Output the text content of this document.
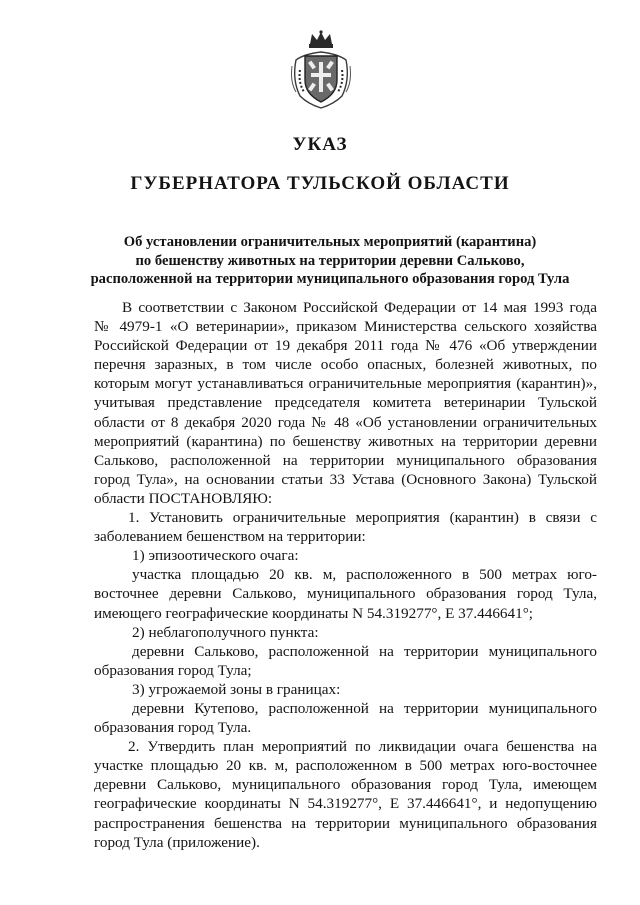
УКАЗ
ГУБЕРНАТОРА ТУЛЬСКОЙ ОБЛАСТИ
Об установлении ограничительных мероприятий (карантина)
по бешенству животных на территории деревни Сальково,
расположенной на территории муниципального образования город Тула
В соответствии с Законом Российской Федерации от 14 мая 1993 года
№ 4979-1 «О ветеринарии», приказом Министерства сельского хозяйства
Российской Федерации от 19 декабря 2011 года № 476 «Об утверждении
перечня заразных, в том числе особо опасных, болезней животных, по
которым могут устанавливаться ограничительные мероприятия (карантин)»,
учитывая представление председателя комитета ветеринарии Тульской
области от 8 декабря 2020 года № 48 «Об установлении ограничительных
мероприятий (карантина) по бешенству животных на территории деревни
Сальково, расположенной на территории муниципального образования
город Тула», на основании статьи 33 Устава (Основного Закона) Тульской
области ПОСТАНОВЛЯЮ:
1. Установить ограничительные мероприятия (карантин) в связи с
заболеванием бешенством на территории:
1) эпизоотического очага:
участка площадью 20 кв. м, расположенного в 500 метрах юго-
восточнее деревни Сальково, муниципального образования город Тула,
имеющего географические координаты N 54.319277°, E 37.446641°;
2) неблагополучного пункта:
деревни Сальково, расположенной на территории муниципального
образования город Тула;
3) угрожаемой зоны в границах:
деревни Кутепово, расположенной на территории муниципального
образования город Тула.
2. Утвердить план мероприятий по ликвидации очага бешенства на
участке площадью 20 кв. м, расположенном в 500 метрах юго-восточнее
деревни Сальково, муниципального образования город Тула, имеющем
географические координаты N 54.319277°, E 37.446641°, и недопущению
распространения бешенства на территории муниципального образования
город Тула (приложение).
